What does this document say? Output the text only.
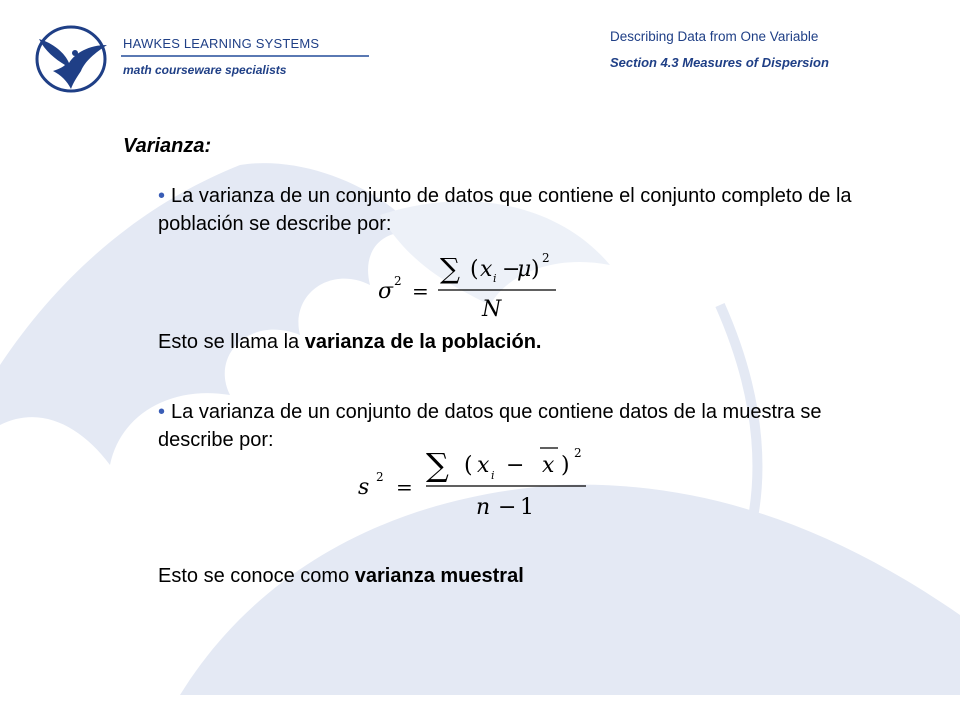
HAWKES LEARNING SYSTEMS
math courseware specialists
Describing Data from One Variable
Section 4.3 Measures of Dispersion
Varianza:
• La varianza de un conjunto de datos que contiene el conjunto completo de la población se describe por:
σ 2 =
∑ ( x i −
μ ) 2
N
Esto se llama la varianza de la población.
• La varianza de un conjunto de datos que contiene datos de la muestra se describe por:
s 2 =
∑ ( x i − x ) 2
n − 1
Esto se conoce como varianza muestral
